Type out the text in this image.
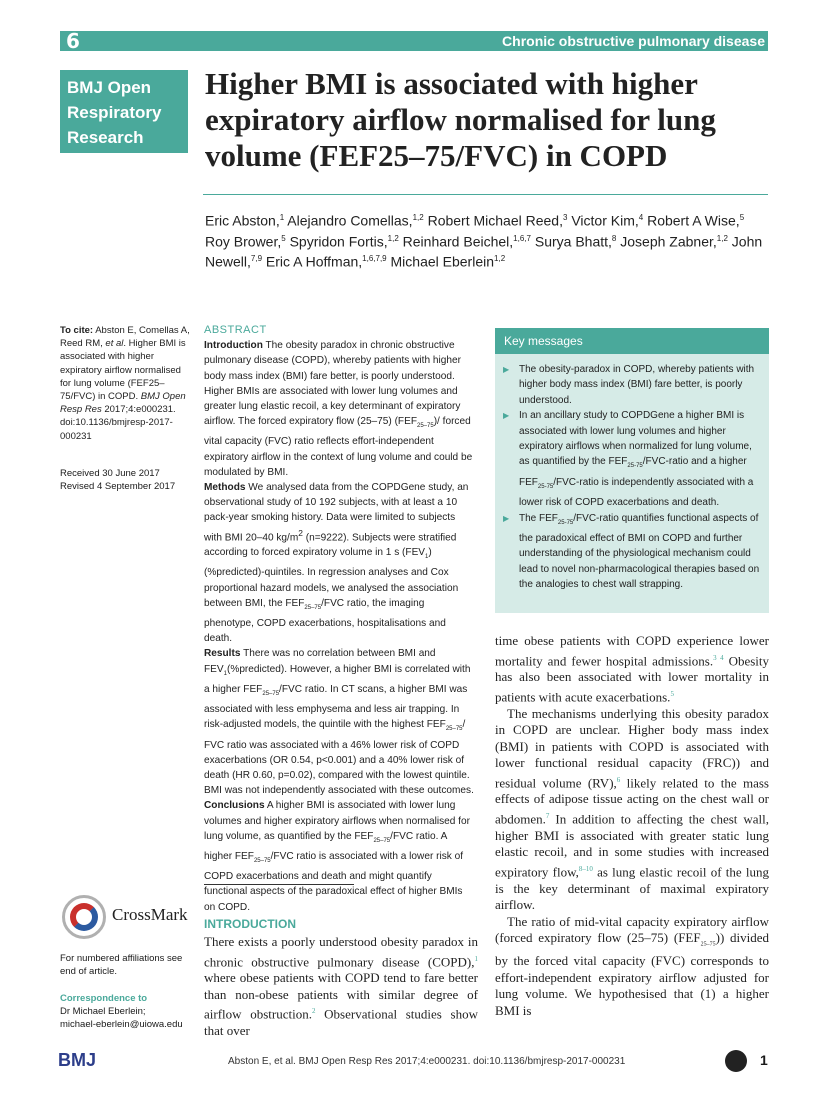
6	Chronic obstructive pulmonary disease
BMJ Open
Respiratory
Research
Higher BMI is associated with higher expiratory airflow normalised for lung volume (FEF25–75/FVC) in COPD
Eric Abston,$^1$ Alejandro Comellas,$^{1,2}$ Robert Michael Reed,$^3$ Victor Kim,$^4$ Robert A Wise,$^5$ Roy Brower,$^5$ Spyridon Fortis,$^{1,2}$ Reinhard Beichel,$^{1,6,7}$ Surya Bhatt,$^8$ Joseph Zabner,$^{1,2}$ John Newell,$^{7,9}$ Eric A Hoffman,$^{1,6,7,9}$ Michael Eberlein$^{1,2}$
To cite: Abston E, Comellas A, Reed RM, et al. Higher BMI is associated with higher expiratory airflow normalised for lung volume (FEF25–75/FVC) in COPD. BMJ Open Resp Res 2017;4:e000231. doi:10.1136/bmjresp-2017-000231
Received 30 June 2017
Revised 4 September 2017
CrossMark
For numbered affiliations see end of article.
Correspondence to
Dr Michael Eberlein;
michael-eberlein@uiowa.edu
ABSTRACT

Introduction The obesity paradox in chronic obstructive pulmonary disease (COPD), whereby patients with higher body mass index (BMI) fare better, is poorly understood. Higher BMIs are associated with lower lung volumes and greater lung elastic recoil, a key determinant of expiratory airflow. The forced expiratory flow (25–75) $(FEF_{25-75})/$ forced vital capacity (FVC) ratio reflects effort-independent expiratory airflow in the context of lung volume and could be modulated by BMI.

Methods We analysed data from the COPDGene study, an observational study of 10 192 subjects, with at least a 10 pack-year smoking history. Data were limited to subjects with BMI 20–40 $kg/m^2$ (n=9222). Subjects were stratified according to forced expiratory volume in 1 s $(FEV_1)$ (%predicted)-quintiles. In regression analyses and Cox proportional hazard models, we analysed the association between BMI, the $FEF_{25-75}$/FVC ratio, the imaging phenotype, COPD exacerbations, hospitalisations and death.

Results There was no correlation between BMI and $FEV_1(\%predicted)$. However, a higher BMI is correlated with a higher $FEF_{25-75}$/FVC ratio. In CT scans, a higher BMI was associated with less emphysema and less air trapping. In risk-adjusted models, the quintile with the highest $FEF_{25-75}/$ FVC ratio was associated with a 46% lower risk of COPD exacerbations (OR 0.54, p<0.001) and a 40% lower risk of death (HR 0.60, p=0.02), compared with the lowest quintile. BMI was not independently associated with these outcomes.

Conclusions A higher BMI is associated with lower lung volumes and higher expiratory airflows when normalised for lung volume, as quantified by the $FEF_{25-75}$/FVC ratio. A higher $FEF_{25-75}$/FVC ratio is associated with a lower risk of COPD exacerbations and death and might quantify functional aspects of the paradoxical effect of higher BMIs on COPD.

Key messages
▶ The obesity-paradox in COPD, whereby patients with higher body mass index (BMI) fare better, is poorly understood.
▶ In an ancillary study to COPDGene a higher BMI is associated with lower lung volumes and higher expiratory airflows when normalized for lung volume, as quantified by the $FEF_{25-75}/FVC$-ratio and a higher $FEF_{25-75}/FVC$-ratio is independently associated with a lower risk of COPD exacerbations and death.
▶ The $FEF_{25-75}/FVC$-ratio quantifies functional aspects of the paradoxical effect of BMI on COPD and further understanding of the physiological mechanism could lead to novel non-pharmacological therapies based on the analogies to chest wall strapping.
INTRODUCTION

There exists a poorly understood obesity paradox in chronic obstructive pulmonary disease (COPD),$^1$ where obese patients with COPD tend to fare better than non-obese patients with similar degree of airflow obstruction.$^2$ Observational studies show that over

time obese patients with COPD experience lower mortality and fewer hospital admissions.$^{3 4}$ Obesity has also been associated with lower mortality in patients with acute exacerbations.$^5$

The mechanisms underlying this obesity paradox in COPD are unclear. Higher body mass index (BMI) in patients with COPD is associated with lower functional residual capacity (FRC)) and residual volume (RV),$^6$ likely related to the mass effects of adipose tissue acting on the chest wall or abdomen.$^7$ In addition to affecting the chest wall, higher BMI is associated with greater static lung elastic recoil, and in some studies with increased expiratory flow,$^{8-10}$ as lung elastic recoil of the lung is the key determinant of maximal expiratory airflow.

The ratio of mid-vital capacity expiratory airflow (forced expiratory flow (25–75) $(FEF_{25-75})$) divided by the forced vital capacity (FVC) corresponds to effort-independent expiratory airflow adjusted for lung volume. We hypothesised that (1) a higher BMI is

BMJ	Abston E, et al. BMJ Open Resp Res 2017;4:e000231. doi:10.1136/bmjresp-2017-000231	1
